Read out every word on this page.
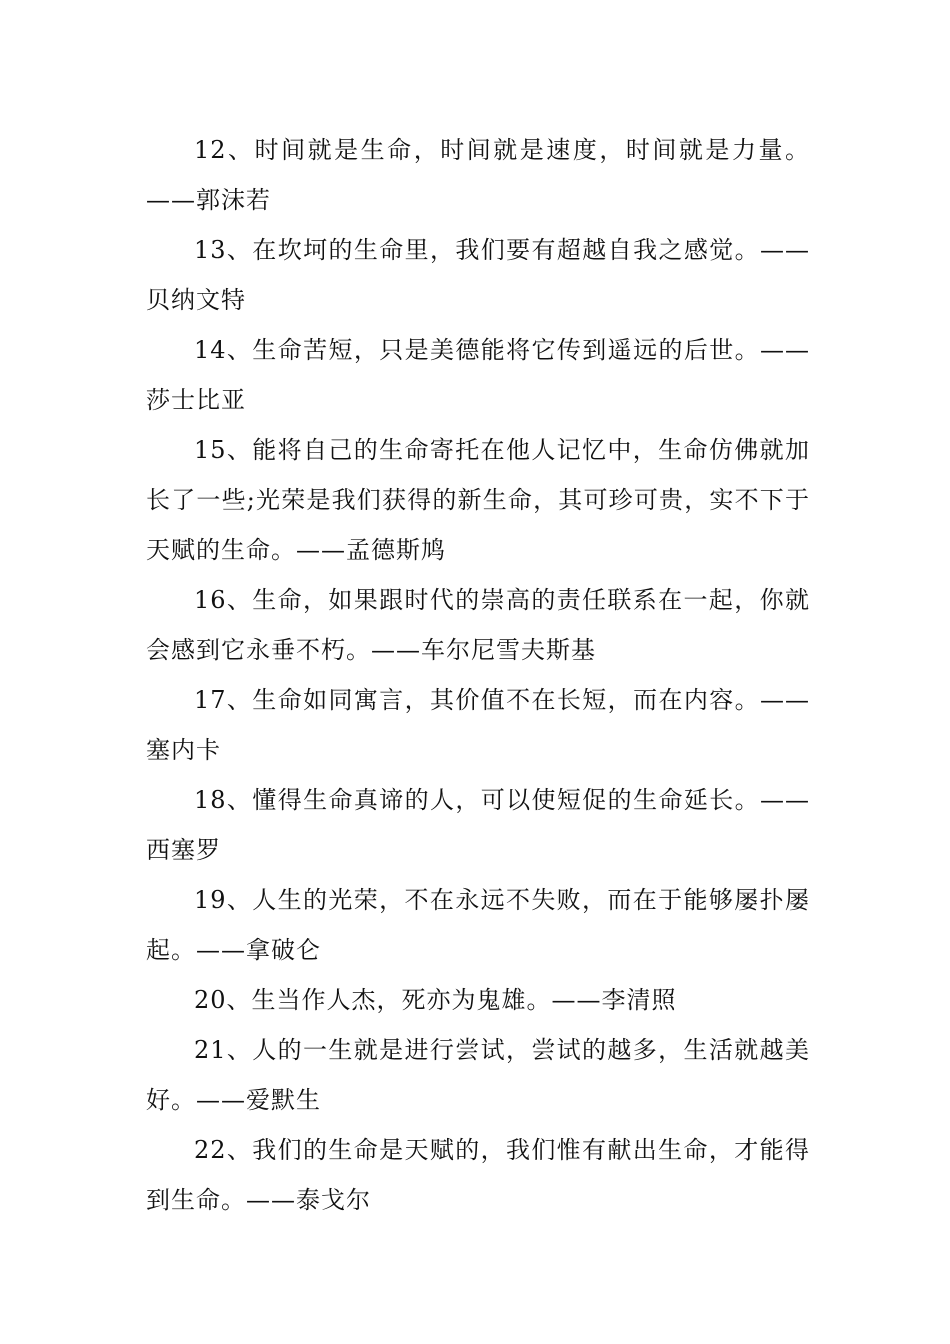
12、时间就是生命，时间就是速度，时间就是力量。——郭沫若

13、在坎坷的生命里，我们要有超越自我之感觉。——贝纳文特

14、生命苦短，只是美德能将它传到遥远的后世。——莎士比亚

15、能将自己的生命寄托在他人记忆中，生命仿佛就加长了一些;光荣是我们获得的新生命，其可珍可贵，实不下于天赋的生命。——孟德斯鸠

16、生命，如果跟时代的崇高的责任联系在一起，你就会感到它永垂不朽。——车尔尼雪夫斯基

17、生命如同寓言，其价值不在长短，而在内容。——塞内卡

18、懂得生命真谛的人，可以使短促的生命延长。——西塞罗

19、人生的光荣，不在永远不失败，而在于能够屡扑屡起。——拿破仑

20、生当作人杰，死亦为鬼雄。——李清照

21、人的一生就是进行尝试，尝试的越多，生活就越美好。——爱默生

22、我们的生命是天赋的，我们惟有献出生命，才能得到生命。——泰戈尔
